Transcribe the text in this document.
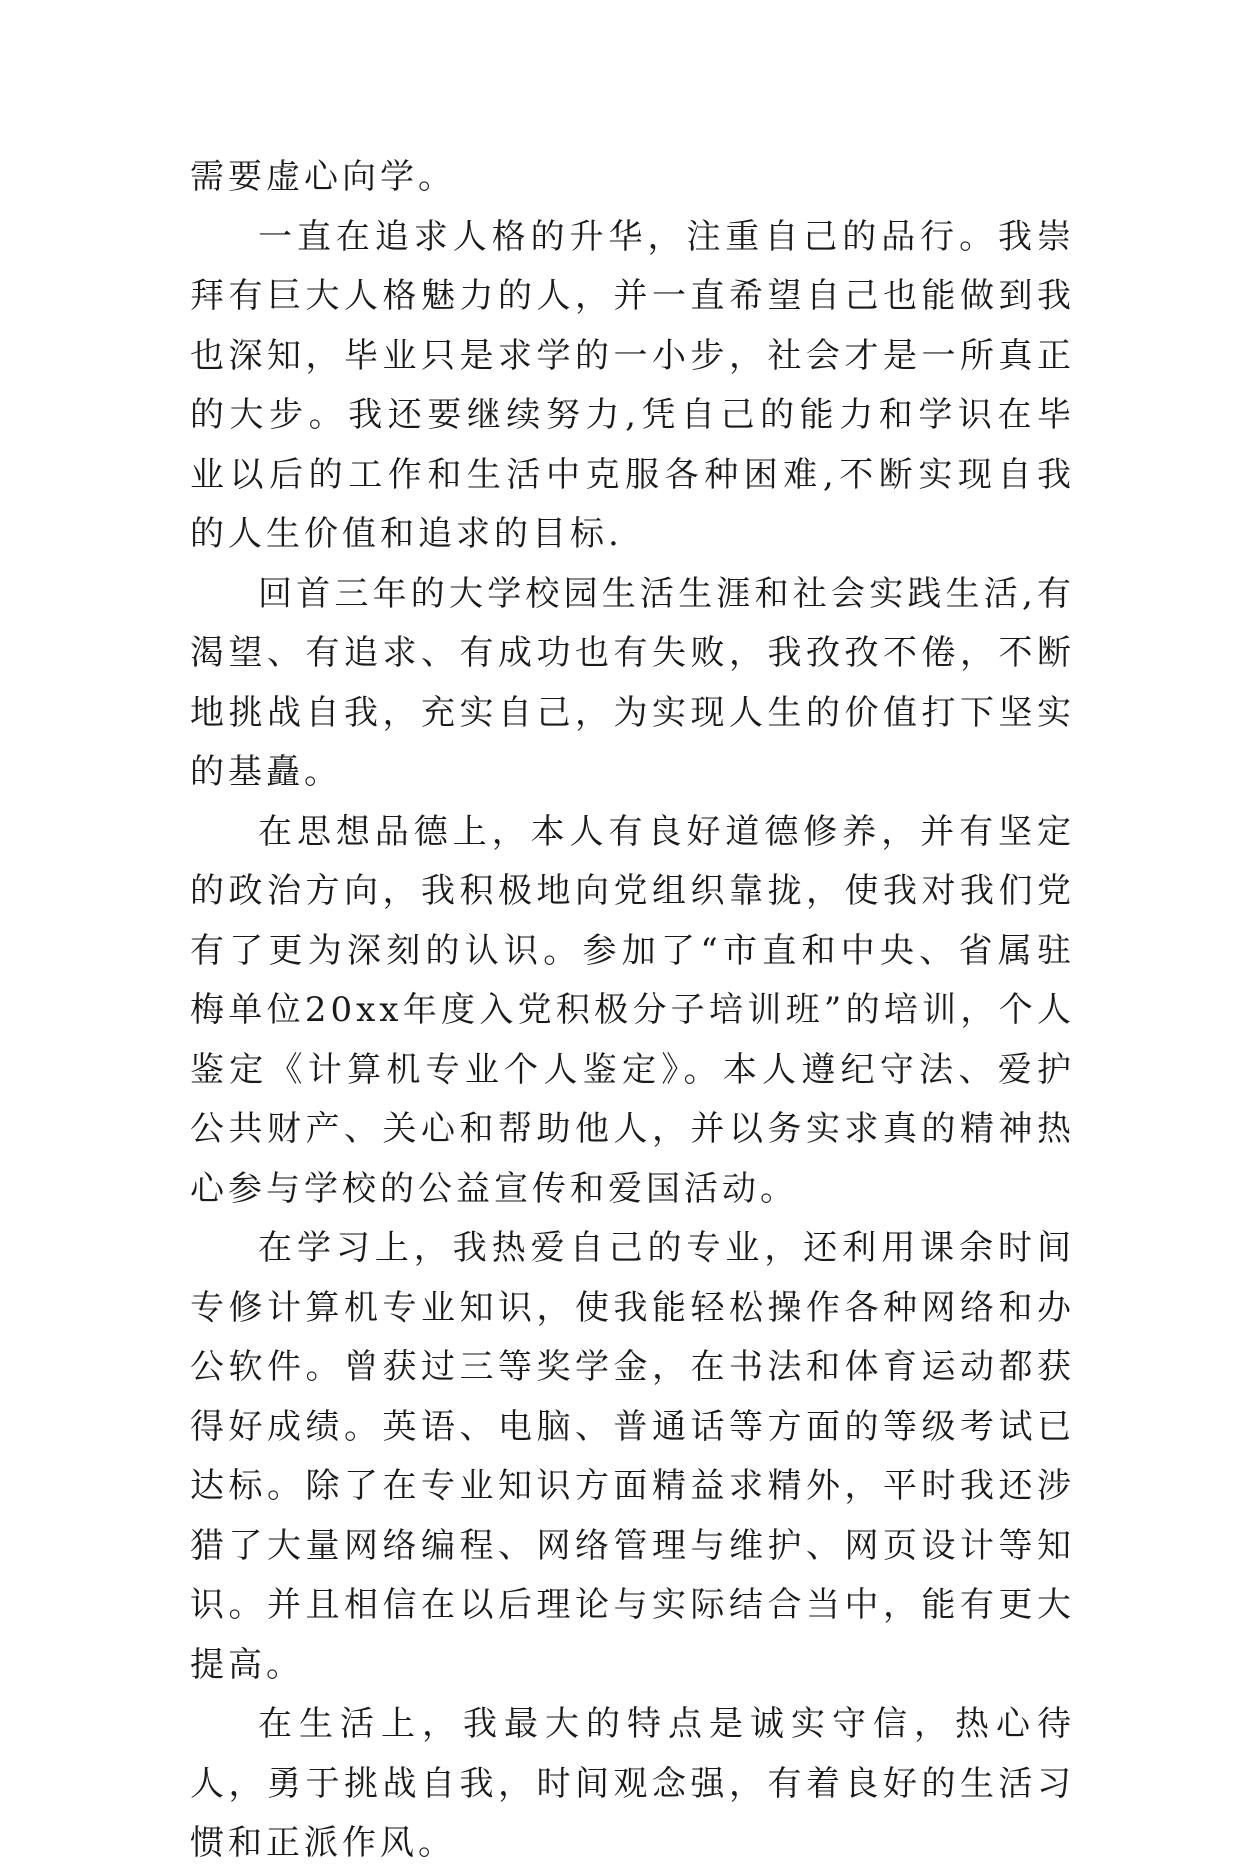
需要虚心向学。

一直在追求人格的升华，注重自己的品行。我崇拜有巨大人格魅力的人，并一直希望自己也能做到我也深知，毕业只是求学的一小步，社会才是一所真正的大步。我还要继续努力,凭自己的能力和学识在毕业以后的工作和生活中克服各种困难,不断实现自我的人生价值和追求的目标.

回首三年的大学校园生活生涯和社会实践生活,有渴望、有追求、有成功也有失败，我孜孜不倦，不断地挑战自我，充实自己，为实现人生的价值打下坚实的基矗。

在思想品德上，本人有良好道德修养，并有坚定的政治方向，我积极地向党组织靠拢，使我对我们党有了更为深刻的认识。参加了“市直和中央、省属驻梅单位20xx年度入党积极分子培训班”的培训，个人鉴定《计算机专业个人鉴定》。本人遵纪守法、爱护公共财产、关心和帮助他人，并以务实求真的精神热心参与学校的公益宣传和爱国活动。

在学习上，我热爱自己的专业，还利用课余时间专修计算机专业知识，使我能轻松操作各种网络和办公软件。曾获过三等奖学金，在书法和体育运动都获得好成绩。英语、电脑、普通话等方面的等级考试已达标。除了在专业知识方面精益求精外，平时我还涉猎了大量网络编程、网络管理与维护、网页设计等知识。并且相信在以后理论与实际结合当中，能有更大提高。

在生活上，我最大的特点是诚实守信，热心待人，勇于挑战自我，时间观念强，有着良好的生活习惯和正派作风。
